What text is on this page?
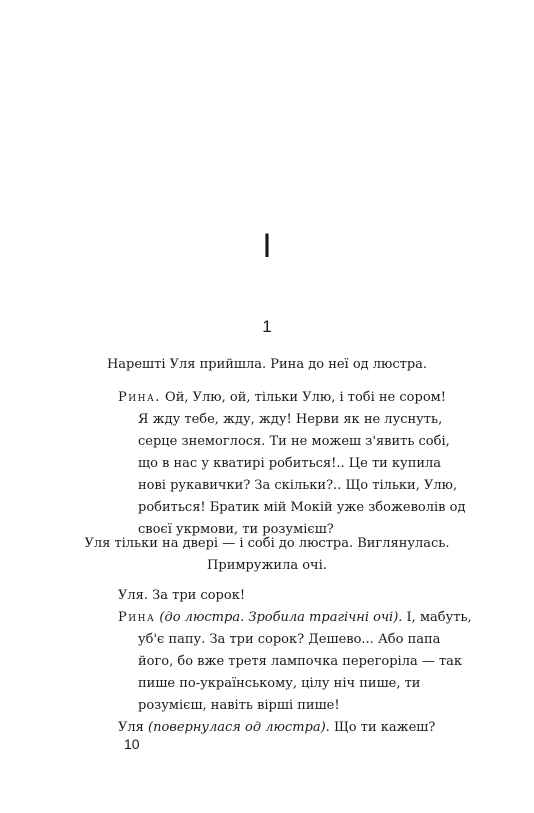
I
1
Нарешті Уля прийшла. Рина до неї од люстра.
Рина. Ой, Улю, ой, тільки Улю, і тобі не сором!
Я жду тебе, жду, жду! Нерви як не луснуть,
серце знемоглося. Ти не можеш з'явить собі,
що в нас у кватирі робиться!.. Це ти купила
нові рукавички? За скільки?.. Що тільки, Улю,
робиться! Братик мій Мокій уже збожеволів од
своєї укрмови, ти розумієш?
Уля тільки на двері — і собі до люстра. Виглянулась.
Примружила очі.
Уля. За три сорок!
Рина (до люстра. Зробила трагічні очі). І, мабуть,
уб'є папу. За три сорок? Дешево... Або папа
його, бо вже третя лампочка перегоріла — так
пише по-українському, цілу ніч пише, ти
розумієш, навіть вірші пише!
Уля (повернулася од люстра). Що ти кажеш?
10
